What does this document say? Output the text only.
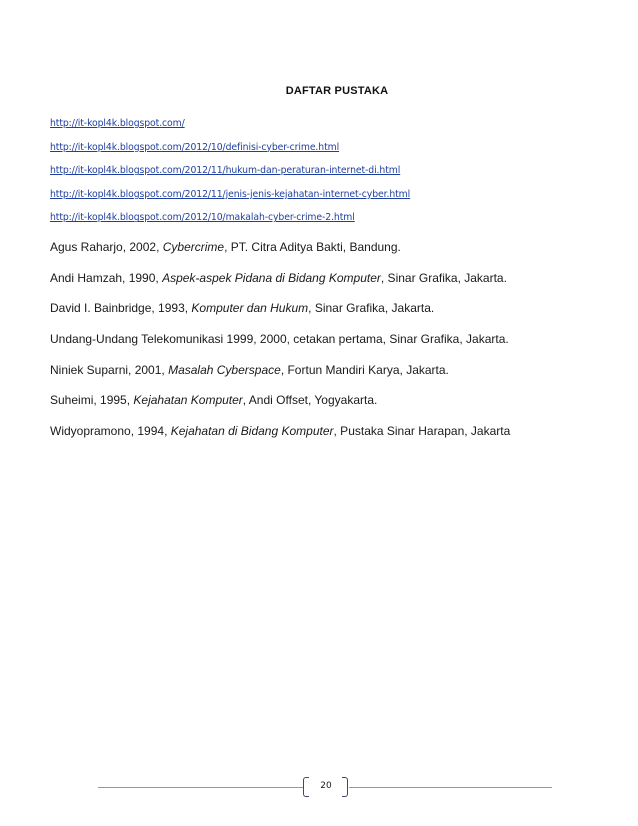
DAFTAR PUSTAKA
http://it-kopl4k.blogspot.com/
http://it-kopl4k.blogspot.com/2012/10/definisi-cyber-crime.html
http://it-kopl4k.blogspot.com/2012/11/hukum-dan-peraturan-internet-di.html
http://it-kopl4k.blogspot.com/2012/11/jenis-jenis-kejahatan-internet-cyber.html
http://it-kopl4k.blogspot.com/2012/10/makalah-cyber-crime-2.html
Agus Raharjo, 2002, Cybercrime, PT. Citra Aditya Bakti, Bandung.
Andi Hamzah, 1990, Aspek-aspek Pidana di Bidang Komputer, Sinar Grafika, Jakarta.
David I. Bainbridge, 1993, Komputer dan Hukum, Sinar Grafika, Jakarta.
Undang-Undang Telekomunikasi 1999, 2000, cetakan pertama, Sinar Grafika, Jakarta.
Niniek Suparni, 2001, Masalah Cyberspace, Fortun Mandiri Karya, Jakarta.
Suheimi, 1995, Kejahatan Komputer, Andi Offset, Yogyakarta.
Widyopramono, 1994, Kejahatan di Bidang Komputer, Pustaka Sinar Harapan, Jakarta
20
